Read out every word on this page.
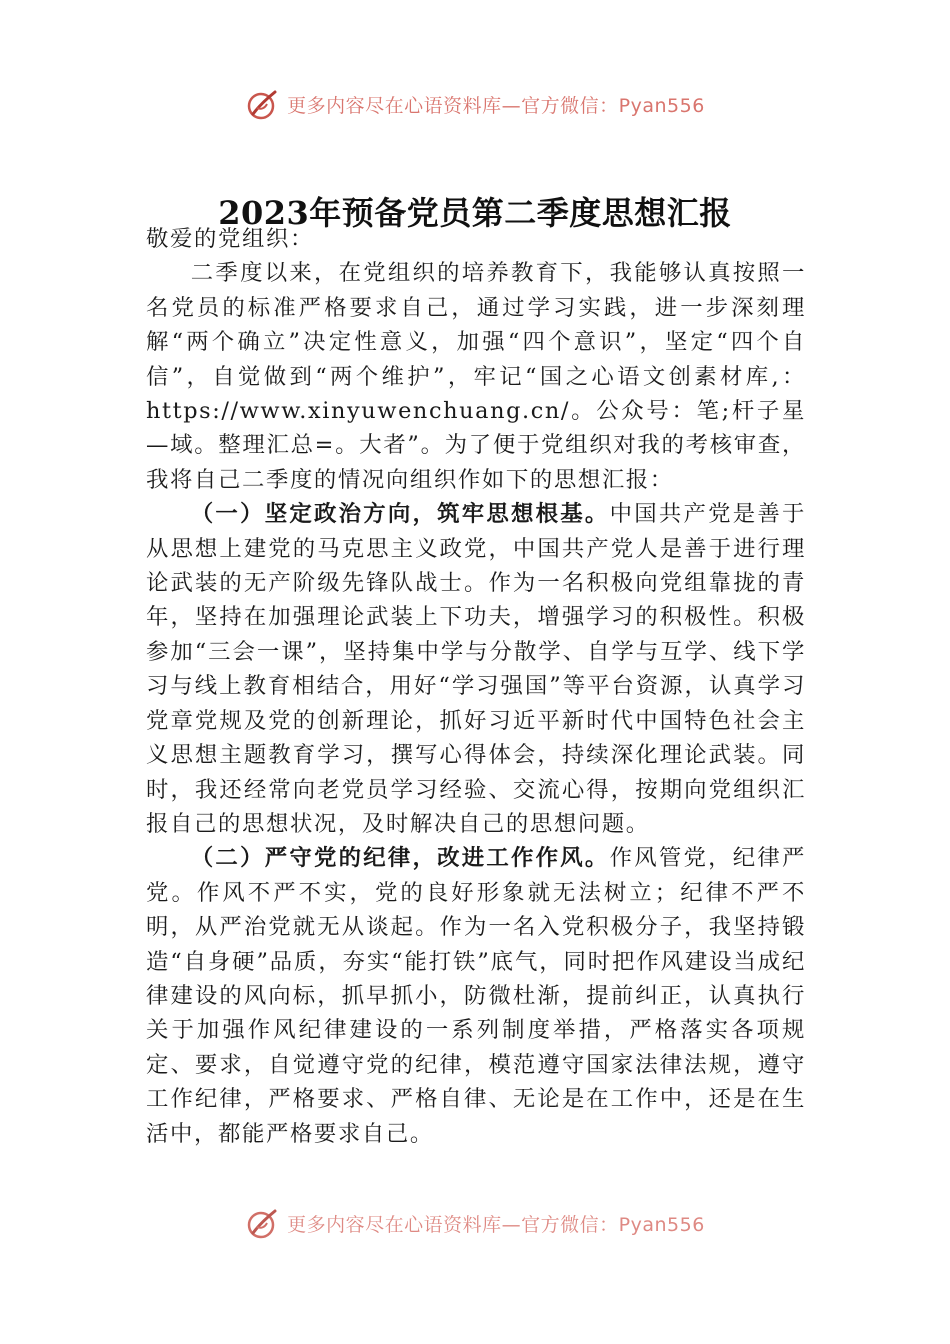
更多内容尽在心语资料库—官方微信：Pyan556
2023年预备党员第二季度思想汇报

敬爱的党组织：

二季度以来，在党组织的培养教育下，我能够认真按照一名党员的标准严格要求自己，通过学习实践，进一步深刻理解“两个确立”决定性意义，加强“四个意识”，坚定“四个自信”，自觉做到“两个维护”，牢记“国之心语文创素材库,：https://www.xinyuwenchuang.cn/。公众号：笔;杆子星—域。整理汇总=。大者”。为了便于党组织对我的考核审查，我将自己二季度的情况向组织作如下的思想汇报：

（一）坚定政治方向，筑牢思想根基。中国共产党是善于从思想上建党的马克思主义政党，中国共产党人是善于进行理论武装的无产阶级先锋队战士。作为一名积极向党组靠拢的青年，坚持在加强理论武装上下功夫，增强学习的积极性。积极参加“三会一课”，坚持集中学与分散学、自学与互学、线下学习与线上教育相结合，用好“学习强国”等平台资源，认真学习党章党规及党的创新理论，抓好习近平新时代中国特色社会主义思想主题教育学习，撰写心得体会，持续深化理论武装。同时，我还经常向老党员学习经验、交流心得，按期向党组织汇报自己的思想状况，及时解决自己的思想问题。

（二）严守党的纪律，改进工作作风。作风管党，纪律严党。作风不严不实，党的良好形象就无法树立；纪律不严不明，从严治党就无从谈起。作为一名入党积极分子，我坚持锻造“自身硬”品质，夯实“能打铁”底气，同时把作风建设当成纪律建设的风向标，抓早抓小，防微杜渐，提前纠正，认真执行关于加强作风纪律建设的一系列制度举措，严格落实各项规定、要求，自觉遵守党的纪律，模范遵守国家法律法规，遵守工作纪律，严格要求、严格自律、无论是在工作中，还是在生活中，都能严格要求自己。

更多内容尽在心语资料库—官方微信：Pyan556
